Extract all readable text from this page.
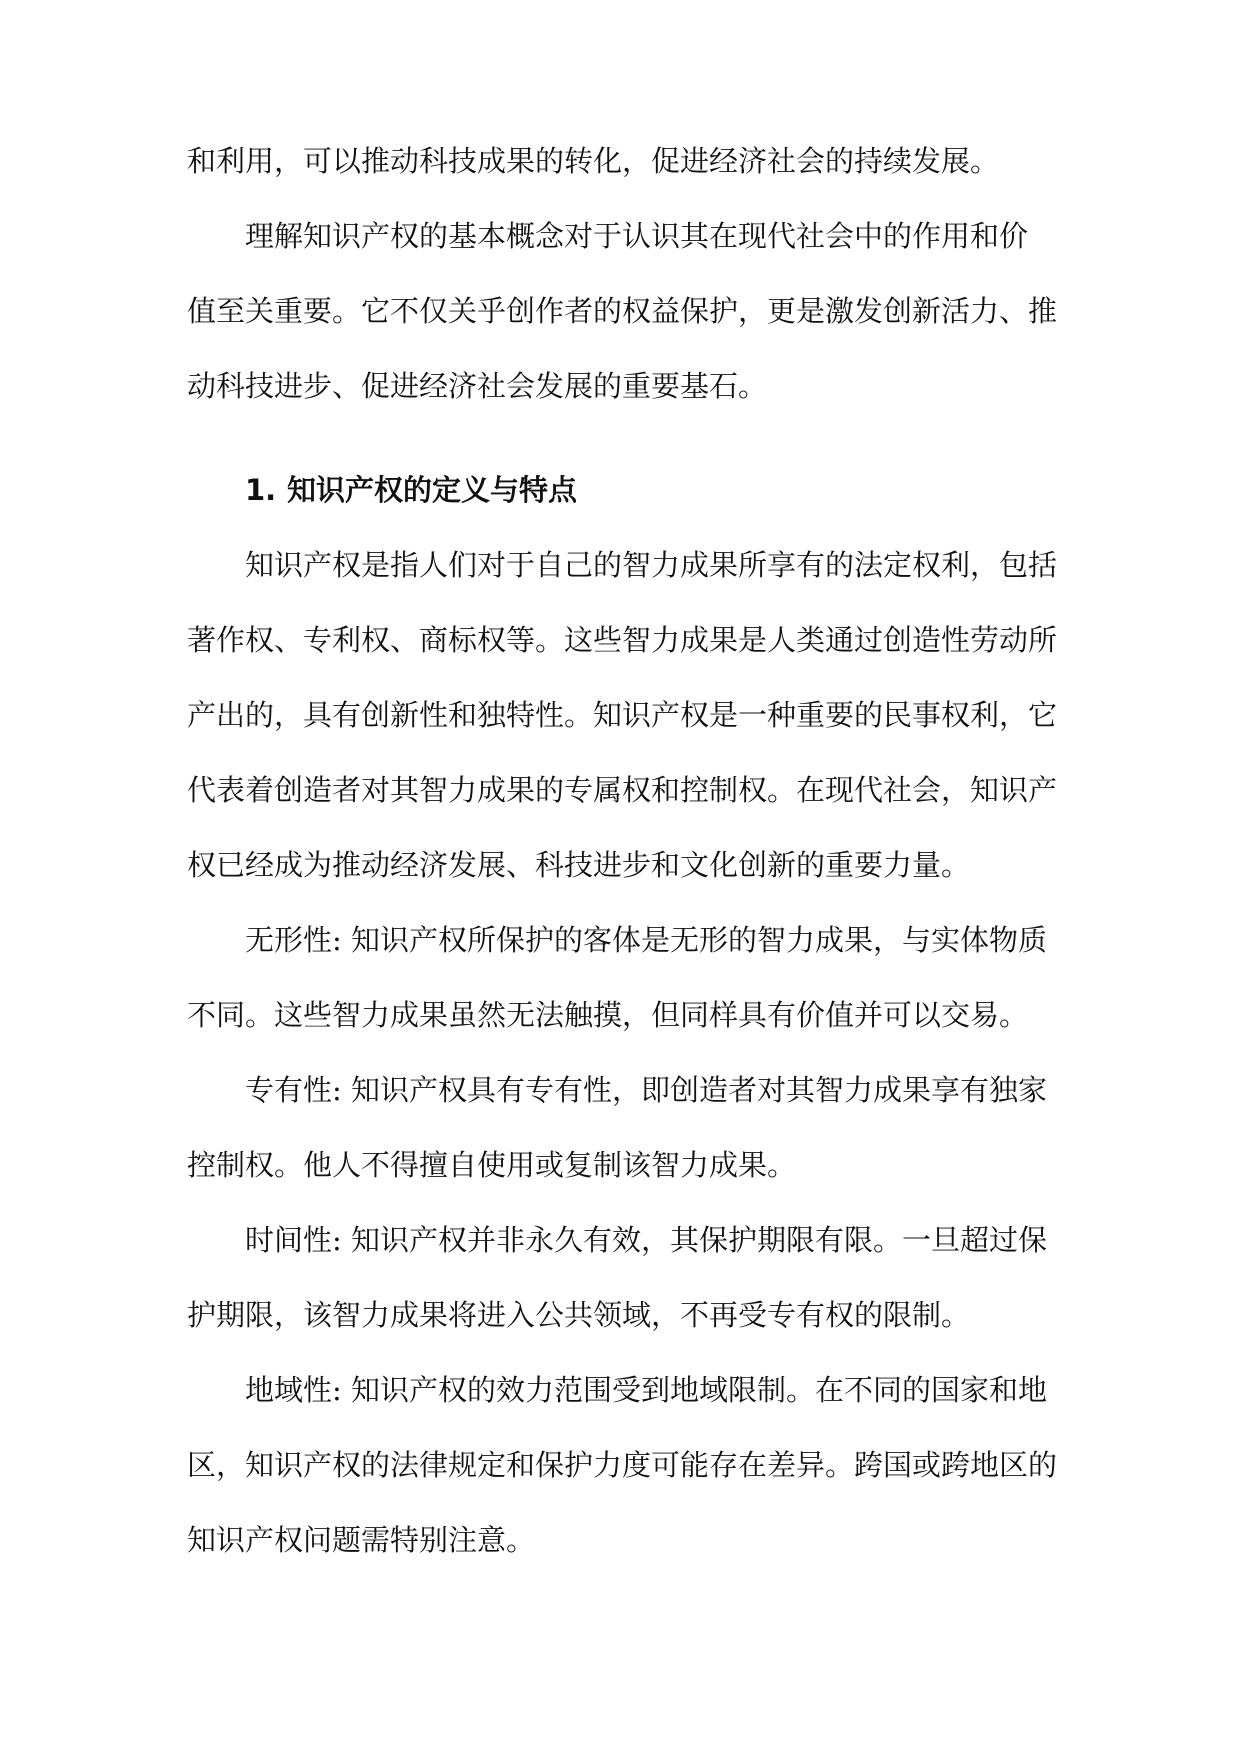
和利用，可以推动科技成果的转化，促进经济社会的持续发展。

理解知识产权的基本概念对于认识其在现代社会中的作用和价

值至关重要。它不仅关乎创作者的权益保护，更是激发创新活力、推

动科技进步、促进经济社会发展的重要基石。

1. 知识产权的定义与特点

知识产权是指人们对于自己的智力成果所享有的法定权利，包括

著作权、专利权、商标权等。这些智力成果是人类通过创造性劳动所

产出的，具有创新性和独特性。知识产权是一种重要的民事权利，它

代表着创造者对其智力成果的专属权和控制权。在现代社会，知识产

权已经成为推动经济发展、科技进步和文化创新的重要力量。

无形性: 知识产权所保护的客体是无形的智力成果，与实体物质

不同。这些智力成果虽然无法触摸，但同样具有价值并可以交易。

专有性: 知识产权具有专有性，即创造者对其智力成果享有独家

控制权。他人不得擅自使用或复制该智力成果。

时间性: 知识产权并非永久有效，其保护期限有限。一旦超过保

护期限，该智力成果将进入公共领域，不再受专有权的限制。

地域性: 知识产权的效力范围受到地域限制。在不同的国家和地

区，知识产权的法律规定和保护力度可能存在差异。跨国或跨地区的

知识产权问题需特别注意。
